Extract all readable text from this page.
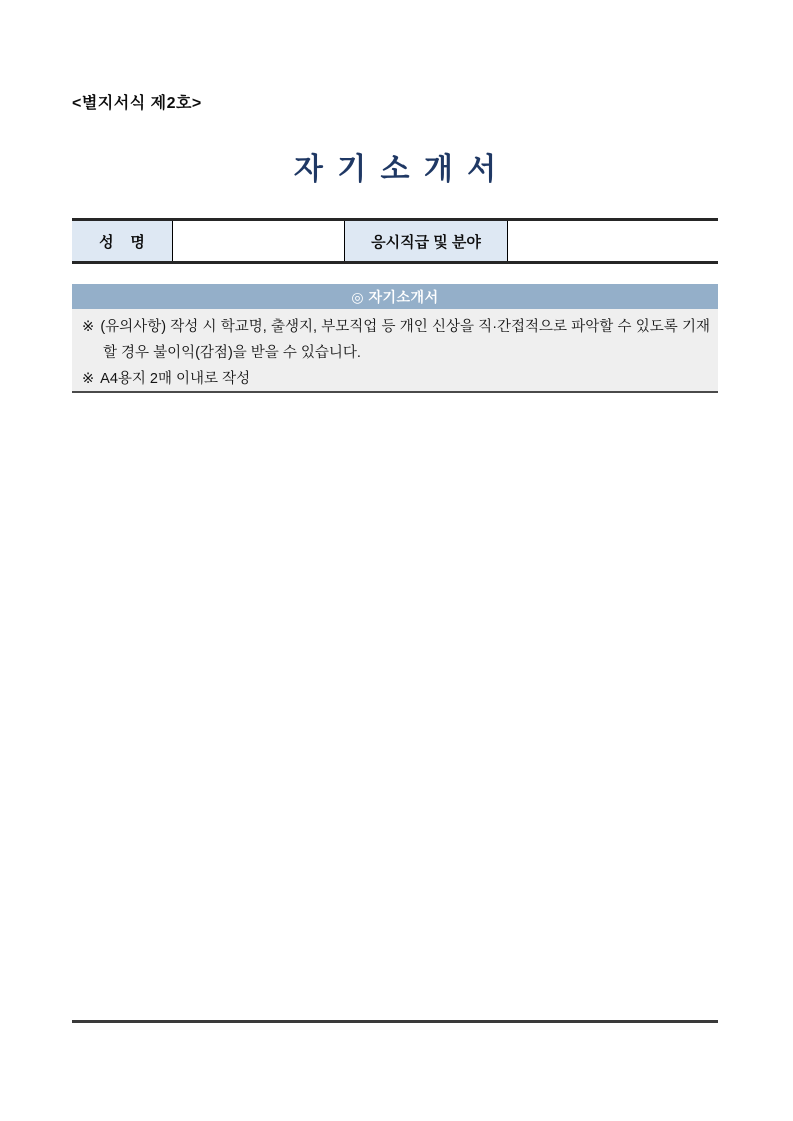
<별지서식 제2호>
자 기 소 개 서
성    명	응시직급 및 분야
◎ 자기소개서
※ (유의사항) 작성 시 학교명, 출생지, 부모직업 등 개인 신상을 직·간접적으로 파악할 수 있도록 기재할 경우 불이익(감점)을 받을 수 있습니다.
※ A4용지 2매 이내로 작성
